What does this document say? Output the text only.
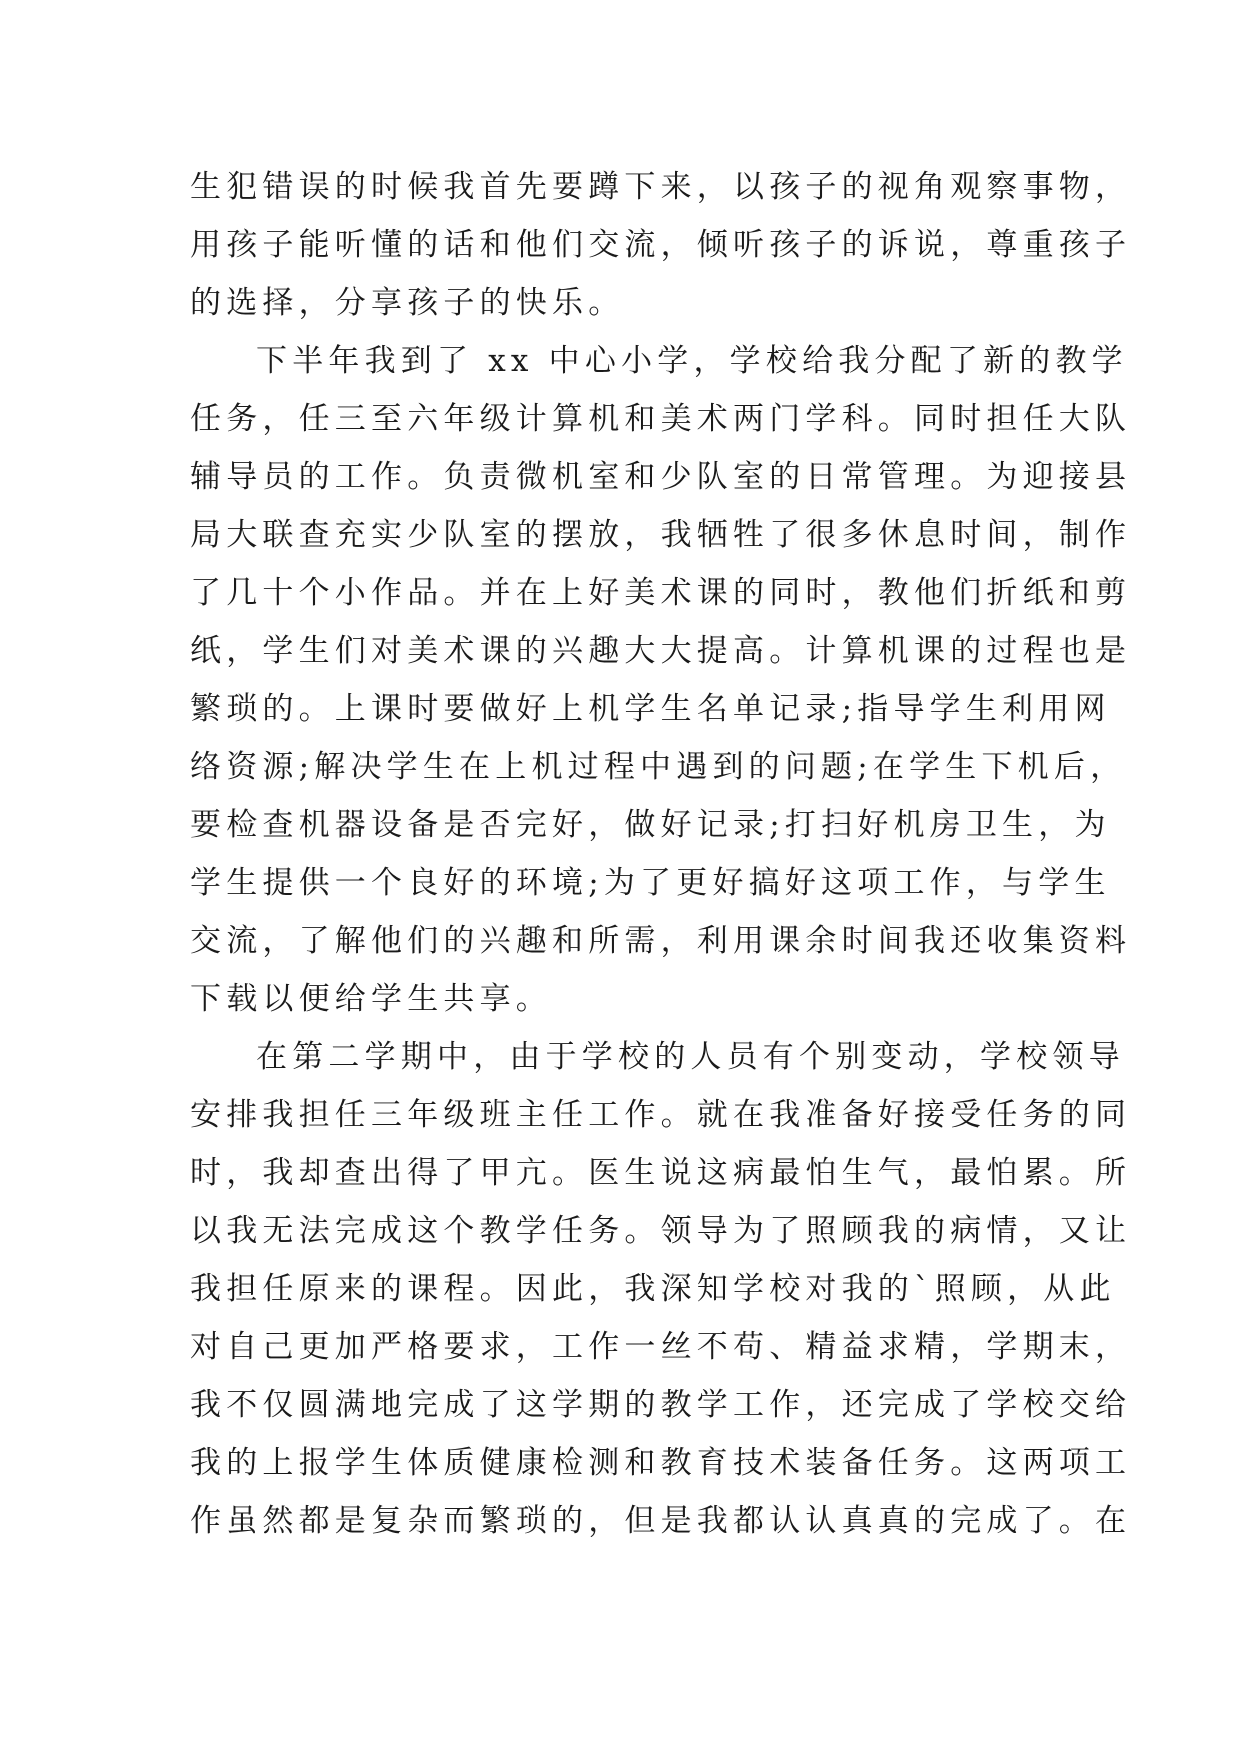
生犯错误的时候我首先要蹲下来，以孩子的视角观察事物，
用孩子能听懂的话和他们交流，倾听孩子的诉说，尊重孩子
的选择，分享孩子的快乐。

下半年我到了 xx 中心小学，学校给我分配了新的教学
任务，任三至六年级计算机和美术两门学科。同时担任大队
辅导员的工作。负责微机室和少队室的日常管理。为迎接县
局大联查充实少队室的摆放，我牺牲了很多休息时间，制作
了几十个小作品。并在上好美术课的同时，教他们折纸和剪
纸，学生们对美术课的兴趣大大提高。计算机课的过程也是
繁琐的。上课时要做好上机学生名单记录;指导学生利用网
络资源;解决学生在上机过程中遇到的问题;在学生下机后，
要检查机器设备是否完好，做好记录;打扫好机房卫生，为
学生提供一个良好的环境;为了更好搞好这项工作，与学生
交流，了解他们的兴趣和所需，利用课余时间我还收集资料
下载以便给学生共享。

在第二学期中，由于学校的人员有个别变动，学校领导
安排我担任三年级班主任工作。就在我准备好接受任务的同
时，我却查出得了甲亢。医生说这病最怕生气，最怕累。所
以我无法完成这个教学任务。领导为了照顾我的病情，又让
我担任原来的课程。因此，我深知学校对我的`照顾，从此
对自己更加严格要求，工作一丝不苟、精益求精，学期末，
我不仅圆满地完成了这学期的教学工作，还完成了学校交给
我的上报学生体质健康检测和教育技术装备任务。这两项工
作虽然都是复杂而繁琐的，但是我都认认真真的完成了。在
